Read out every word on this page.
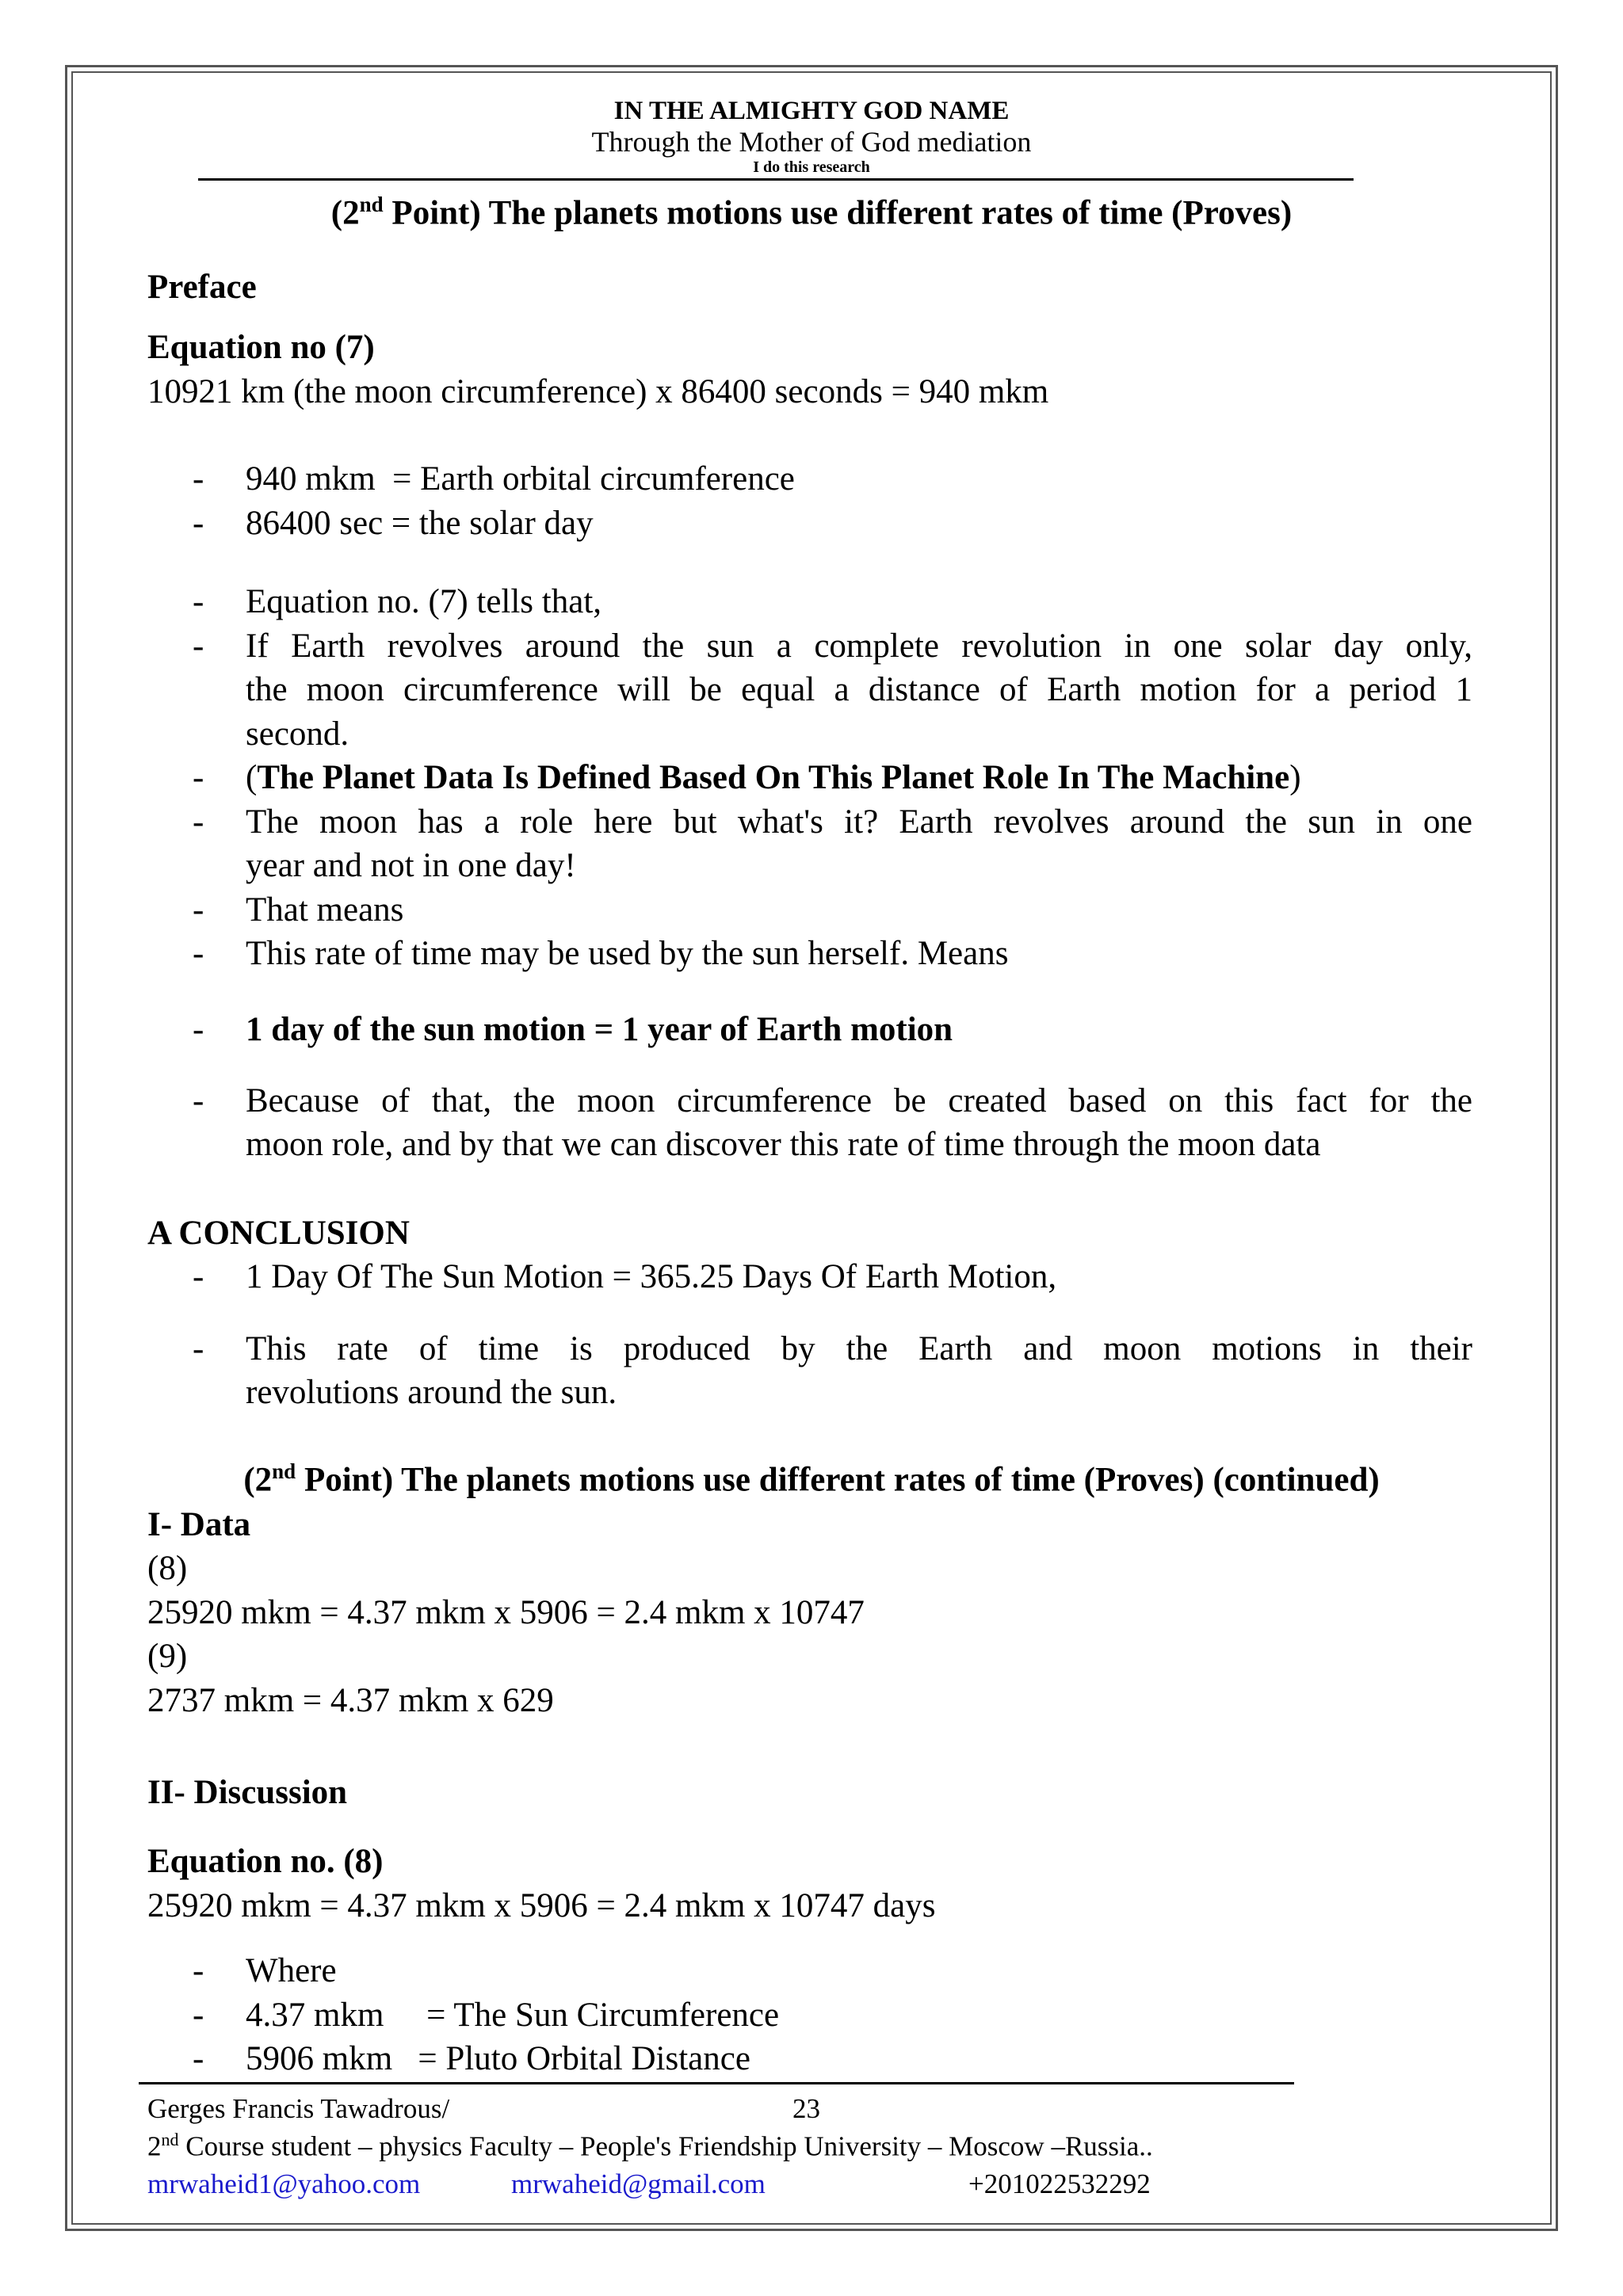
IN THE ALMIGHTY GOD NAME
Through the Mother of God mediation
I do this research
(2nd Point) The planets motions use different rates of time (Proves)
Preface
Equation no (7)
10921 km (the moon circumference) x 86400 seconds = 940 mkm
- 940 mkm  = Earth orbital circumference
- 86400 sec = the solar day
- Equation no. (7) tells that,
- If Earth revolves around the sun a complete revolution in one solar day only,
the moon circumference will be equal a distance of Earth motion for a period 1
second.
- (The Planet Data Is Defined Based On This Planet Role In The Machine)
- The moon has a role here but what's it? Earth revolves around the sun in one
year and not in one day!
- That means
- This rate of time may be used by the sun herself. Means
- 1 day of the sun motion = 1 year of Earth motion
- Because of that, the moon circumference be created based on this fact for the
moon role, and by that we can discover this rate of time through the moon data
A CONCLUSION
- 1 Day Of The Sun Motion = 365.25 Days Of Earth Motion,
- This rate of time is produced by the Earth and moon motions in their
revolutions around the sun.
(2nd Point) The planets motions use different rates of time (Proves) (continued)
I- Data
(8)
25920 mkm = 4.37 mkm x 5906 = 2.4 mkm x 10747
(9)
2737 mkm = 4.37 mkm x 629
II- Discussion
Equation no. (8)
25920 mkm = 4.37 mkm x 5906 = 2.4 mkm x 10747 days
- Where
- 4.37 mkm     = The Sun Circumference
- 5906 mkm   = Pluto Orbital Distance
Gerges Francis Tawadrous/	23
2nd Course student – physics Faculty – People's Friendship University – Moscow –Russia..
mrwaheid1@yahoo.com	mrwaheid@gmail.com	+201022532292
